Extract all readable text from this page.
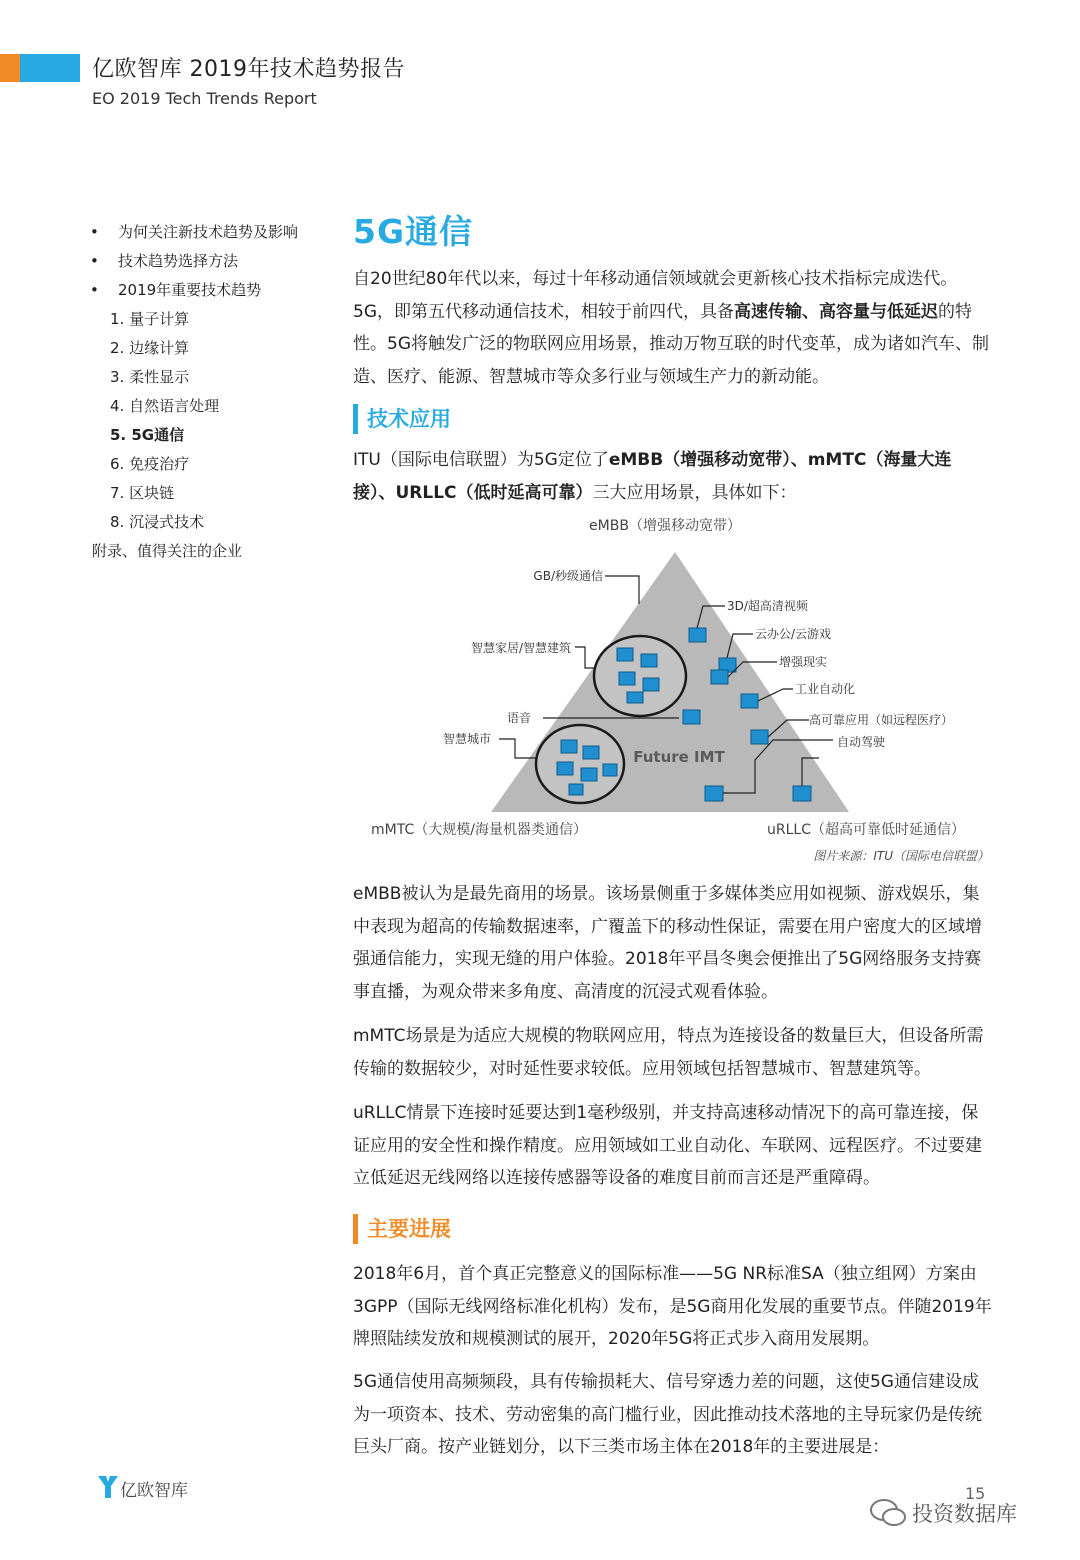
亿欧智库 2019年技术趋势报告
EO 2019 Tech Trends Report
• 为何关注新技术趋势及影响
• 技术趋势选择方法
• 2019年重要技术趋势
1. 量子计算
2. 边缘计算
3. 柔性显示
4. 自然语言处理
5. 5G通信
6. 免疫治疗
7. 区块链
8. 沉浸式技术
附录、值得关注的企业
5G通信
自20世纪80年代以来，每过十年移动通信领域就会更新核心技术指标完成迭代。5G，即第五代移动通信技术，相较于前四代，具备高速传输、高容量与低延迟的特性。5G将触发广泛的物联网应用场景，推动万物互联的时代变革，成为诸如汽车、制造、医疗、能源、智慧城市等众多行业与领域生产力的新动能。
技术应用
ITU（国际电信联盟）为5G定位了eMBB（增强移动宽带）、mMTC（海量大连接）、URLLC（低时延高可靠）三大应用场景，具体如下：
eMBB（增强移动宽带）
Future IMT
GB/秒级通信
智慧家居/智慧建筑
语音
智慧城市
3D/超高清视频
云办公/云游戏
增强现实
工业自动化
高可靠应用（如远程医疗）
自动驾驶
mMTC（大规模/海量机器类通信）	uRLLC（超高可靠低时延通信）
图片来源：ITU（国际电信联盟）
eMBB被认为是最先商用的场景。该场景侧重于多媒体类应用如视频、游戏娱乐，集中表现为超高的传输数据速率，广覆盖下的移动性保证，需要在用户密度大的区域增强通信能力，实现无缝的用户体验。2018年平昌冬奥会便推出了5G网络服务支持赛事直播，为观众带来多角度、高清度的沉浸式观看体验。
mMTC场景是为适应大规模的物联网应用，特点为连接设备的数量巨大，但设备所需传输的数据较少，对时延性要求较低。应用领域包括智慧城市、智慧建筑等。
uRLLC情景下连接时延要达到1毫秒级别，并支持高速移动情况下的高可靠连接，保证应用的安全性和操作精度。应用领域如工业自动化、车联网、远程医疗。不过要建立低延迟无线网络以连接传感器等设备的难度目前而言还是严重障碍。
主要进展
2018年6月，首个真正完整意义的国际标准——5G NR标准SA（独立组网）方案由3GPP（国际无线网络标准化机构）发布，是5G商用化发展的重要节点。伴随2019年牌照陆续发放和规模测试的展开，2020年5G将正式步入商用发展期。
5G通信使用高频频段，具有传输损耗大、信号穿透力差的问题，这使5G通信建设成为一项资本、技术、劳动密集的高门槛行业，因此推动技术落地的主导玩家仍是传统巨头厂商。按产业链划分，以下三类市场主体在2018年的主要进展是：
亿欧智库	15
投资数据库
